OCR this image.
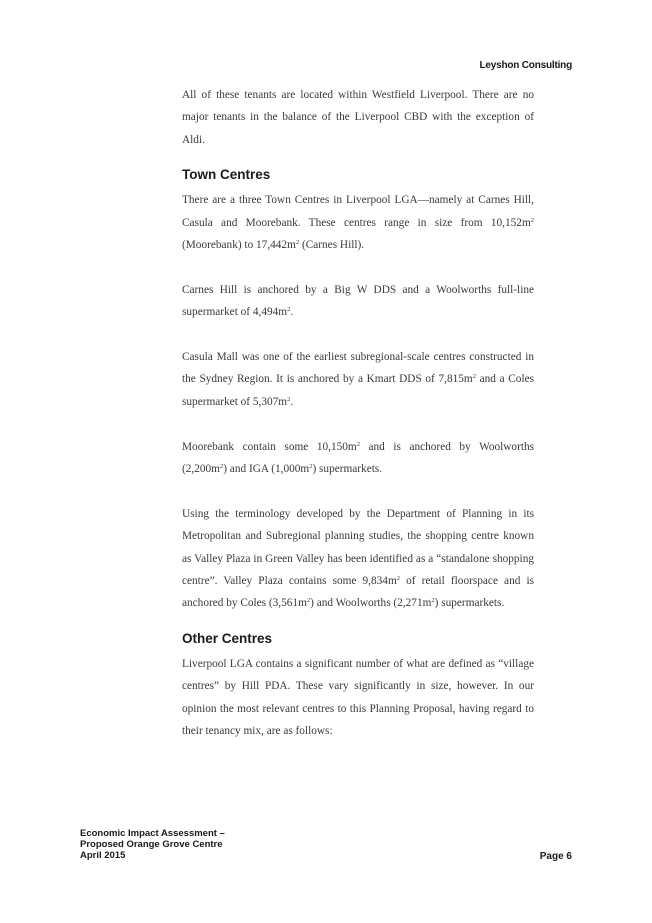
Leyshon Consulting

All of these tenants are located within Westfield Liverpool. There are no major tenants in the balance of the Liverpool CBD with the exception of Aldi.

Town Centres

There are a three Town Centres in Liverpool LGA—namely at Carnes Hill, Casula and Moorebank. These centres range in size from $10,152m^2$ (Moorebank) to $17,442m^2$ (Carnes Hill).

Carnes Hill is anchored by a Big W DDS and a Woolworths full-line supermarket of $4,494m^2$.

Casula Mall was one of the earliest subregional-scale centres constructed in the Sydney Region. It is anchored by a Kmart DDS of $7,815m^2$ and a Coles supermarket of $5,307m^2$.

Moorebank contain some $10,150m^2$ and is anchored by Woolworths $(2,200m^2)$ and IGA $(1,000m^2)$ supermarkets.

Using the terminology developed by the Department of Planning in its Metropolitan and Subregional planning studies, the shopping centre known as Valley Plaza in Green Valley has been identified as a “standalone shopping centre”. Valley Plaza contains some $9,834m^2$ of retail floorspace and is anchored by Coles $(3,561m^2)$ and Woolworths $(2,271m^2)$ supermarkets.

Other Centres

Liverpool LGA contains a significant number of what are defined as “village centres” by Hill PDA. These vary significantly in size, however. In our opinion the most relevant centres to this Planning Proposal, having regard to their tenancy mix, are as follows:

Economic Impact Assessment –
Proposed Orange Grove Centre
April 2015	Page 6
